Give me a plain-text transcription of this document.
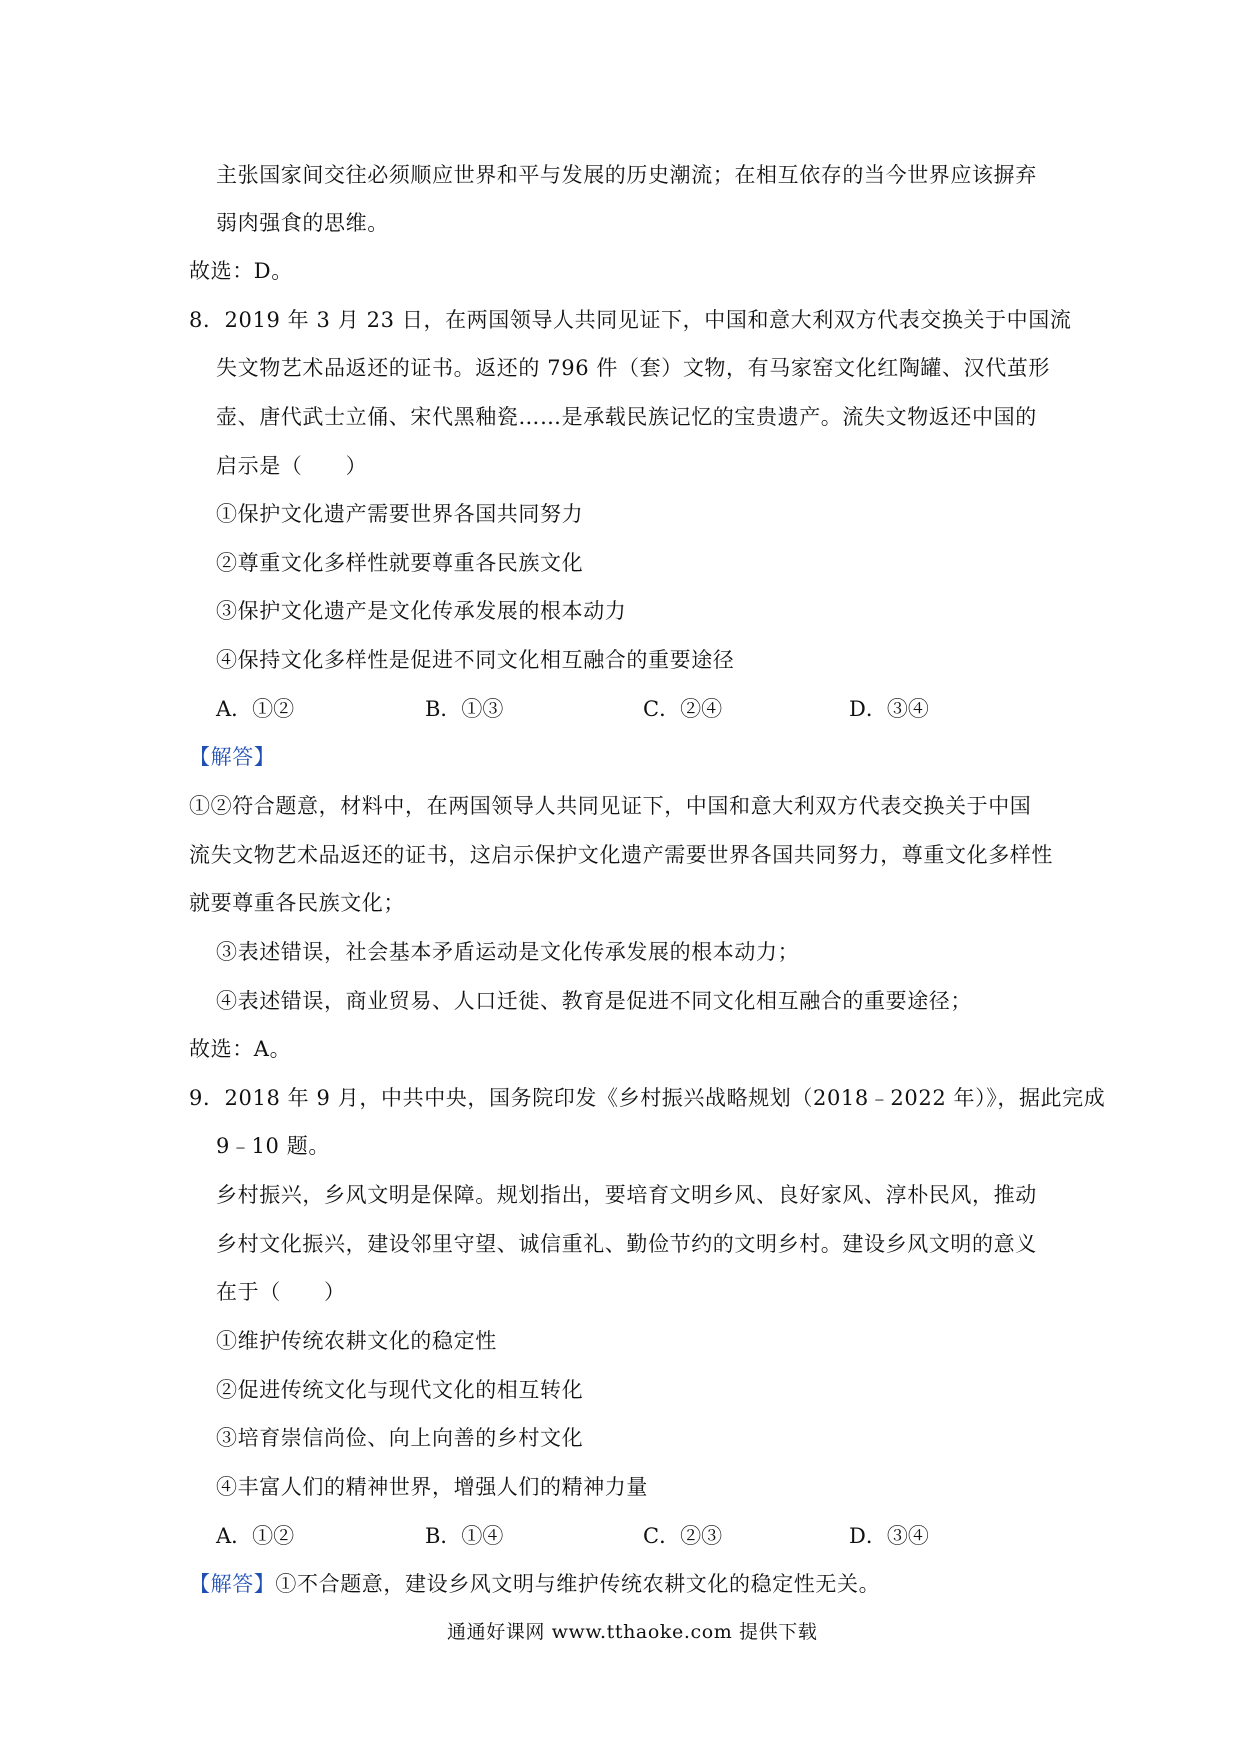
主张国家间交往必须顺应世界和平与发展的历史潮流；在相互依存的当今世界应该摒弃
弱肉强食的思维。
故选：D。
8．2019 年 3 月 23 日，在两国领导人共同见证下，中国和意大利双方代表交换关于中国流
失文物艺术品返还的证书。返还的 796 件（套）文物，有马家窑文化红陶罐、汉代茧形
壶、唐代武士立俑、宋代黑釉瓷……是承载民族记忆的宝贵遗产。流失文物返还中国的
启示是（　　）
①保护文化遗产需要世界各国共同努力
②尊重文化多样性就要尊重各民族文化
③保护文化遗产是文化传承发展的根本动力
④保持文化多样性是促进不同文化相互融合的重要途径
A．①②	B．①③	C．②④	D．③④
【解答】
①②符合题意，材料中，在两国领导人共同见证下，中国和意大利双方代表交换关于中国
流失文物艺术品返还的证书，这启示保护文化遗产需要世界各国共同努力，尊重文化多样性
就要尊重各民族文化；
③表述错误，社会基本矛盾运动是文化传承发展的根本动力；
④表述错误，商业贸易、人口迁徙、教育是促进不同文化相互融合的重要途径；
故选：A。
9．2018 年 9 月，中共中央，国务院印发《乡村振兴战略规划（2018﹣2022 年）》，据此完成
9﹣10 题。
乡村振兴，乡风文明是保障。规划指出，要培育文明乡风、良好家风、淳朴民风，推动
乡村文化振兴，建设邻里守望、诚信重礼、勤俭节约的文明乡村。建设乡风文明的意义
在于（　　）
①维护传统农耕文化的稳定性
②促进传统文化与现代文化的相互转化
③培育崇信尚俭、向上向善的乡村文化
④丰富人们的精神世界，增强人们的精神力量
A．①②	B．①④	C．②③	D．③④
【解答】①不合题意，建设乡风文明与维护传统农耕文化的稳定性无关。
通通好课网 www.tthaoke.com 提供下载
